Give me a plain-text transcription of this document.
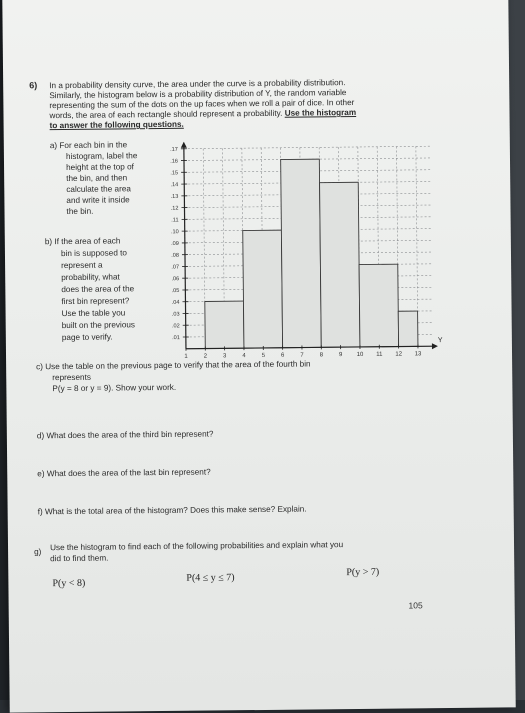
6) In a probability density curve, the area under the curve is a probability distribution.
Similarly, the histogram below is a probability distribution of Y, the random variable
representing the sum of the dots on the up faces when we roll a pair of dice. In other
words, the area of each rectangle should represent a probability. Use the histogram
to answer the following questions.
a) For each bin in the
histogram, label the
height at the top of
the bin, and then
calculate the area
and write it inside
the bin.
b) If the area of each
bin is supposed to
represent a
probability, what
does the area of the
first bin represent?
Use the table you
built on the previous
page to verify.	Y
.01
.02
.03
.04
.05
.06
.07
.08
.09
.10
.11
.12
.13
.14
.15
.16
.17
1	2	3	4	5	6	7	8	9 10 11 12 13
c) Use the table on the previous page to verify that the area of the fourth bin
represents
P(y = 8 or y = 9). Show your work.
d) What does the area of the third bin represent?
e) What does the area of the last bin represent?
f) What is the total area of the histogram? Does this make sense? Explain.
g) Use the histogram to find each of the following probabilities and explain what you
did to find them.
P(y < 8)	P(4 ≤ y ≤ 7)	P(y > 7)
105
